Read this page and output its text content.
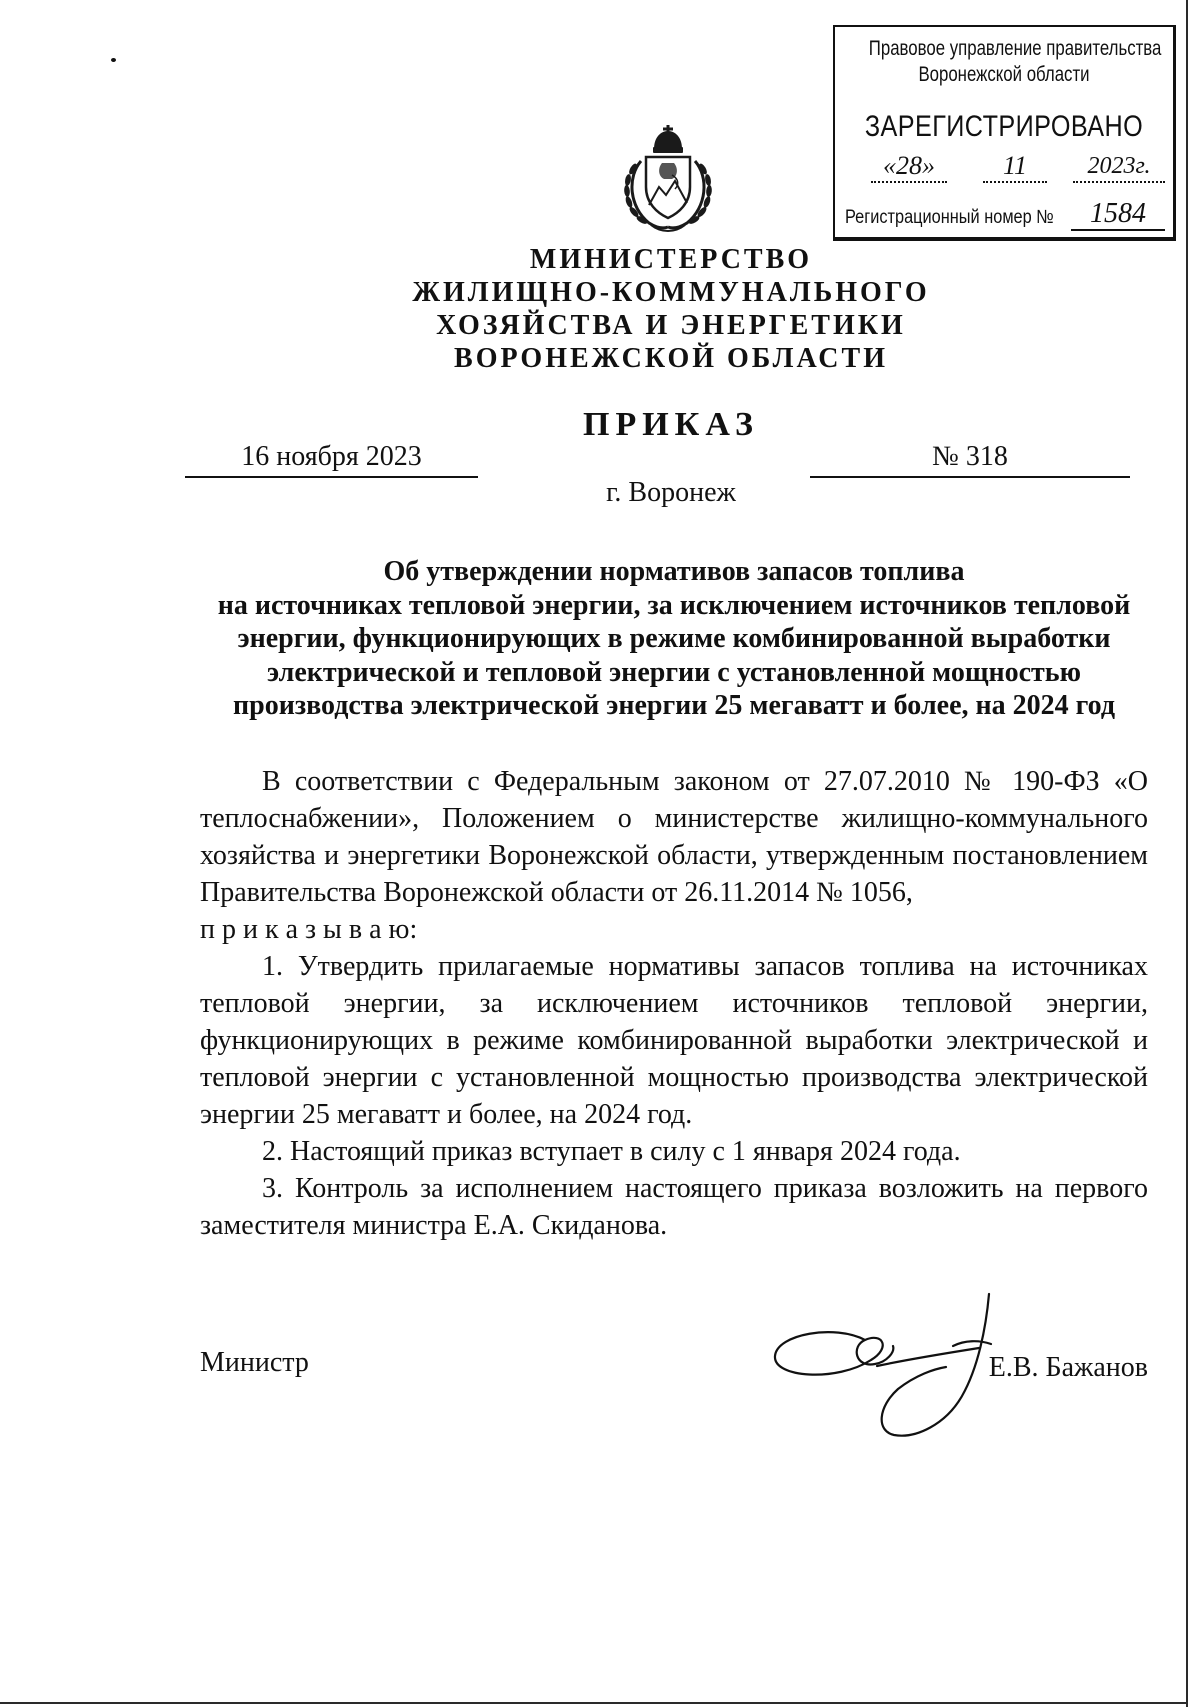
Правовое управление правительства
Воронежской области
ЗАРЕГИСТРИРОВАНО
«28»	11	2023г.
Регистрационный номер №	1584
МИНИСТЕРСТВО
ЖИЛИЩНО-КОММУНАЛЬНОГО
ХОЗЯЙСТВА И ЭНЕРГЕТИКИ
ВОРОНЕЖСКОЙ ОБЛАСТИ
ПРИКАЗ
16 ноября 2023	№ 318
г. Воронеж
Об утверждении нормативов запасов топлива
на источниках тепловой энергии, за исключением источников тепловой
энергии, функционирующих в режиме комбинированной выработки
электрической и тепловой энергии с установленной мощностью
производства электрической энергии 25 мегаватт и более, на 2024 год

В соответствии с Федеральным законом от 27.07.2010 № 190-ФЗ «О теплоснабжении», Положением о министерстве жилищно-коммунального хозяйства и энергетики Воронежской области, утвержденным постановлением Правительства Воронежской области от 26.11.2014 № 1056,

п р и к а з ы в а ю:

1. Утвердить прилагаемые нормативы запасов топлива на источниках тепловой энергии, за исключением источников тепловой энергии, функционирующих в режиме комбинированной выработки электрической и тепловой энергии с установленной мощностью производства электрической энергии 25 мегаватт и более, на 2024 год.

2. Настоящий приказ вступает в силу с 1 января 2024 года.

3. Контроль за исполнением настоящего приказа возложить на первого заместителя министра Е.А. Скиданова.

Министр	Е.В. Бажанов
